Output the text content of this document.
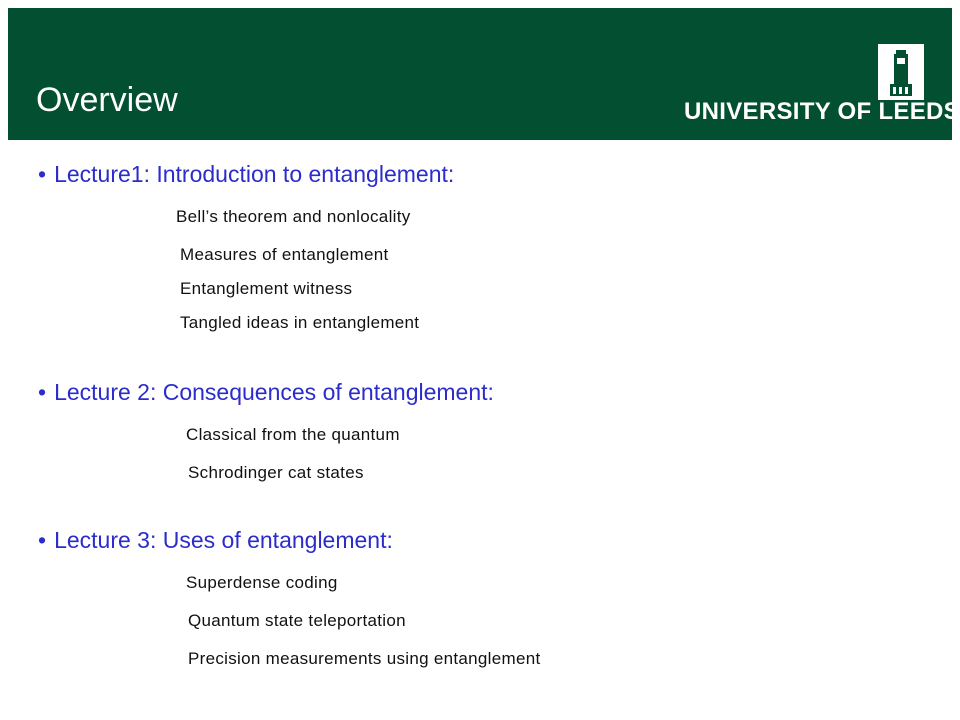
Overview	UNIVERSITY OF LEEDS
• Lecture1: Introduction to entanglement:
Bell’s theorem and nonlocality
Measures of entanglement
Entanglement witness
Tangled ideas in entanglement
• Lecture 2: Consequences of entanglement:
Classical from the quantum
Schrodinger cat states
• Lecture 3: Uses of entanglement:
Superdense coding
Quantum state teleportation
Precision measurements using entanglement
